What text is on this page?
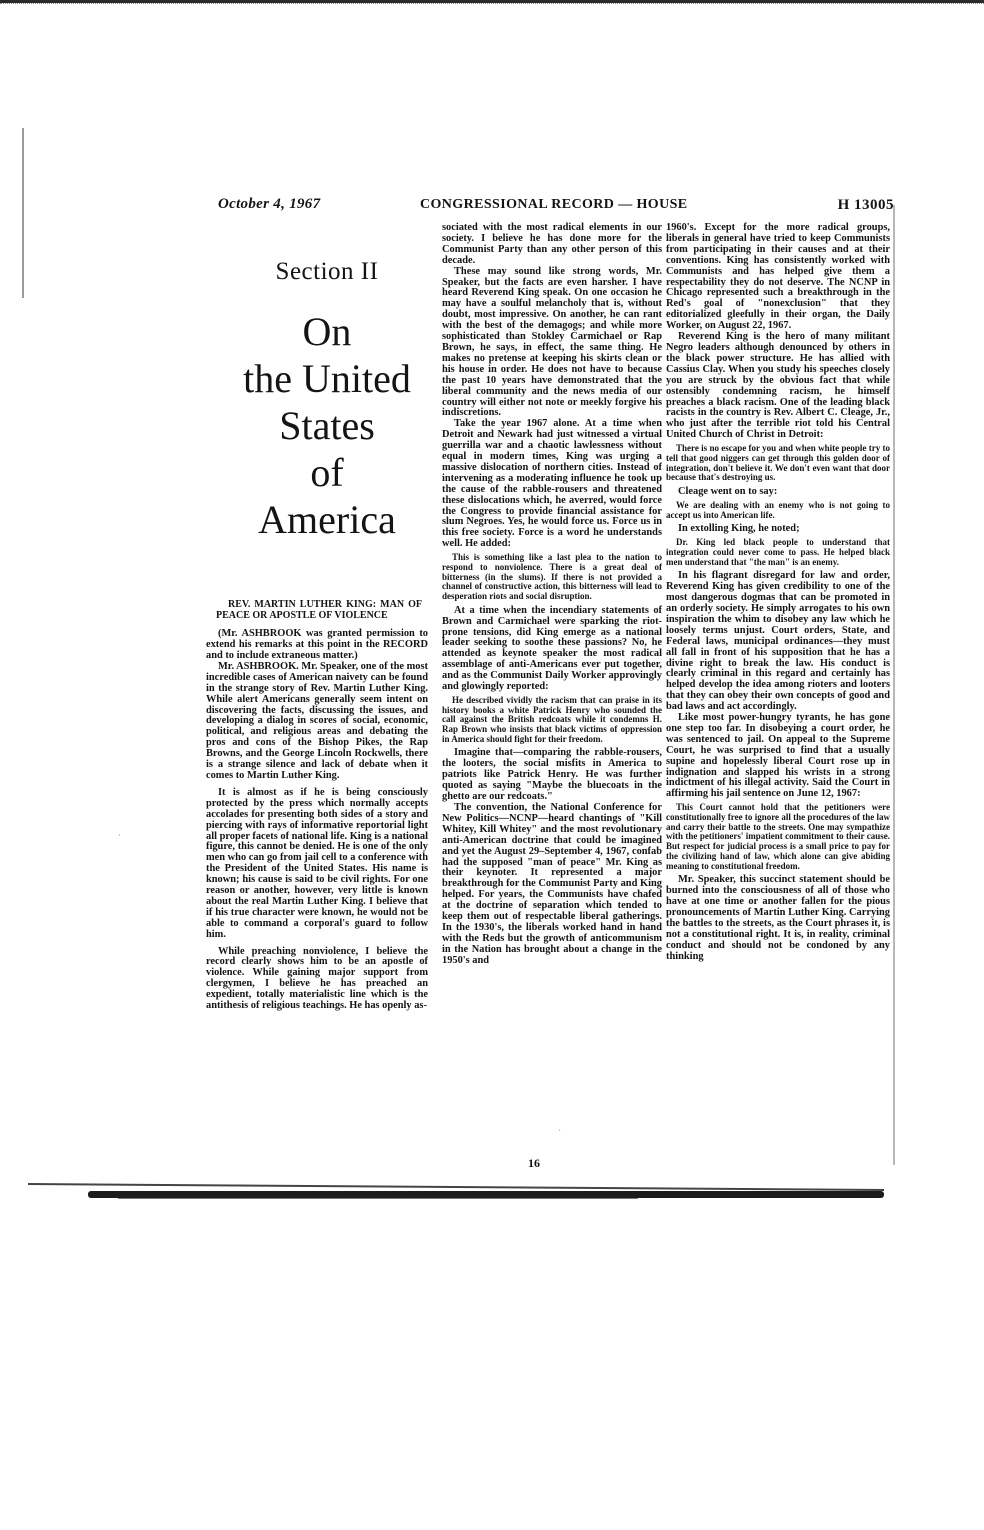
October 4, 1967	CONGRESSIONAL RECORD — HOUSE	H 13005
Section II
On
the United
States
of
America

REV. MARTIN LUTHER KING: MAN OF PEACE OR APOSTLE OF VIOLENCE

(Mr. ASHBROOK was granted permission to extend his remarks at this point in the RECORD and to include extraneous matter.)

Mr. ASHBROOK. Mr. Speaker, one of the most incredible cases of American naivety can be found in the strange story of Rev. Martin Luther King. While alert Americans generally seem intent on discovering the facts, discussing the issues, and developing a dialog in scores of social, economic, political, and religious areas and debating the pros and cons of the Bishop Pikes, the Rap Browns, and the George Lincoln Rockwells, there is a strange silence and lack of debate when it comes to Martin Luther King.

It is almost as if he is being consciously protected by the press which normally accepts accolades for presenting both sides of a story and piercing with rays of informative reportorial light all proper facets of national life. King is a national figure, this cannot be denied. He is one of the only men who can go from jail cell to a conference with the President of the United States. His name is known; his cause is said to be civil rights. For one reason or another, however, very little is known about the real Martin Luther King. I believe that if his true character were known, he would not be able to command a corporal's guard to follow him.

While preaching nonviolence, I believe the record clearly shows him to be an apostle of violence. While gaining major support from clergymen, I believe he has preached an expedient, totally materialistic line which is the antithesis of religious teachings. He has openly as-

sociated with the most radical elements in our society. I believe he has done more for the Communist Party than any other person of this decade.

These may sound like strong words, Mr. Speaker, but the facts are even harsher. I have heard Reverend King speak. On one occasion he may have a soulful melancholy that is, without doubt, most impressive. On another, he can rant with the best of the demagogs; and while more sophisticated than Stokley Carmichael or Rap Brown, he says, in effect, the same thing. He makes no pretense at keeping his skirts clean or his house in order. He does not have to because the past 10 years have demonstrated that the liberal community and the news media of our country will either not note or meekly forgive his indiscretions.

Take the year 1967 alone. At a time when Detroit and Newark had just witnessed a virtual guerrilla war and a chaotic lawlessness without equal in modern times, King was urging a massive dislocation of northern cities. Instead of intervening as a moderating influence he took up the cause of the rabble-rousers and threatened these dislocations which, he averred, would force the Congress to provide financial assistance for slum Negroes. Yes, he would force us. Force us in this free society. Force is a word he understands well. He added:

This is something like a last plea to the nation to respond to nonviolence. There is a great deal of bitterness (in the slums). If there is not provided a channel of constructive action, this bitterness will lead to desperation riots and social disruption.

At a time when the incendiary statements of Brown and Carmichael were sparking the riot-prone tensions, did King emerge as a national leader seeking to soothe these passions? No, he attended as keynote speaker the most radical assemblage of anti-Americans ever put together, and as the Communist Daily Worker approvingly and glowingly reported:

He described vividly the racism that can praise in its history books a white Patrick Henry who sounded the call against the British redcoats while it condemns H. Rap Brown who insists that black victims of oppression in America should fight for their freedom.

Imagine that—comparing the rabble-rousers, the looters, the social misfits in America to patriots like Patrick Henry. He was further quoted as saying "Maybe the bluecoats in the ghetto are our redcoats."

The convention, the National Conference for New Politics—NCNP—heard chantings of "Kill Whitey, Kill Whitey" and the most revolutionary anti-American doctrine that could be imagined and yet the August 29–September 4, 1967, confab had the supposed "man of peace" Mr. King as their keynoter. It represented a major breakthrough for the Communist Party and King helped. For years, the Communists have chafed at the doctrine of separation which tended to keep them out of respectable liberal gatherings. In the 1930's, the liberals worked hand in hand with the Reds but the growth of anticommunism in the Nation has brought about a change in the 1950's and

1960's. Except for the more radical groups, liberals in general have tried to keep Communists from participating in their causes and at their conventions. King has consistently worked with Communists and has helped give them a respectability they do not deserve. The NCNP in Chicago represented such a breakthrough in the Red's goal of "nonexclusion" that they editorialized gleefully in their organ, the Daily Worker, on August 22, 1967.

Reverend King is the hero of many militant Negro leaders although denounced by others in the black power structure. He has allied with Cassius Clay. When you study his speeches closely you are struck by the obvious fact that while ostensibly condemning racism, he himself preaches a black racism. One of the leading black racists in the country is Rev. Albert C. Cleage, Jr., who just after the terrible riot told his Central United Church of Christ in Detroit:

There is no escape for you and when white people try to tell that good niggers can get through this golden door of integration, don't believe it. We don't even want that door because that's destroying us.

Cleage went on to say:

We are dealing with an enemy who is not going to accept us into American life.

In extolling King, he noted;

Dr. King led black people to understand that integration could never come to pass. He helped black men understand that "the man" is an enemy.

In his flagrant disregard for law and order, Reverend King has given credibility to one of the most dangerous dogmas that can be promoted in an orderly society. He simply arrogates to his own inspiration the whim to disobey any law which he loosely terms unjust. Court orders, State, and Federal laws, municipal ordinances—they must all fall in front of his supposition that he has a divine right to break the law. His conduct is clearly criminal in this regard and certainly has helped develop the idea among rioters and looters that they can obey their own concepts of good and bad laws and act accordingly.

Like most power-hungry tyrants, he has gone one step too far. In disobeying a court order, he was sentenced to jail. On appeal to the Supreme Court, he was surprised to find that a usually supine and hopelessly liberal Court rose up in indignation and slapped his wrists in a strong indictment of his illegal activity. Said the Court in affirming his jail sentence on June 12, 1967:

This Court cannot hold that the petitioners were constitutionally free to ignore all the procedures of the law and carry their battle to the streets. One may sympathize with the petitioners' impatient commitment to their cause. But respect for judicial process is a small price to pay for the civilizing hand of law, which alone can give abiding meaning to constitutional freedom.

Mr. Speaker, this succinct statement should be burned into the consciousness of all of those who have at one time or another fallen for the pious pronouncements of Martin Luther King. Carrying the battles to the streets, as the Court phrases it, is not a constitutional right. It is, in reality, criminal conduct and should not be condoned by any thinking

16
ˋ
·
